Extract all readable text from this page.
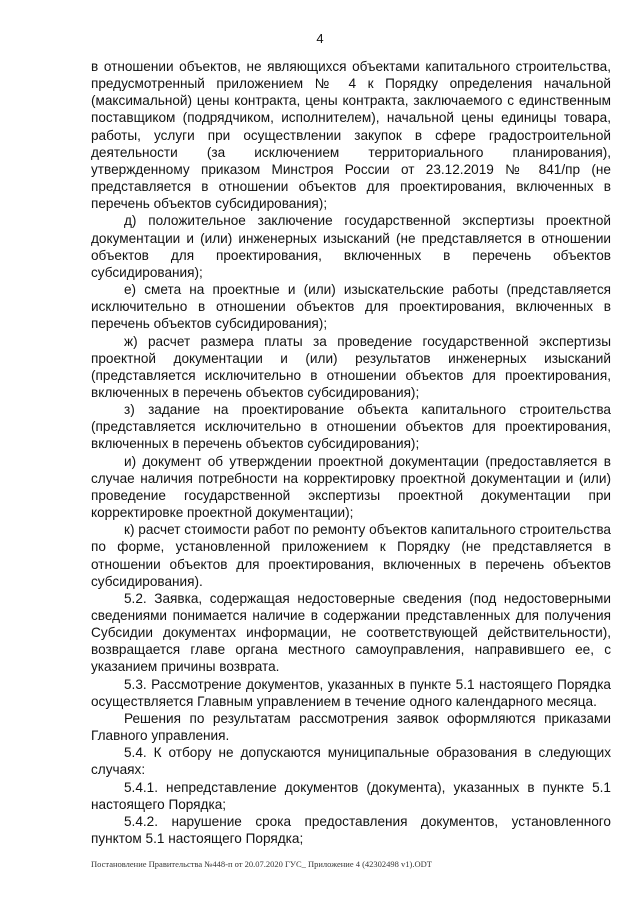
4

в отношении объектов, не являющихся объектами капитального строительства, предусмотренный приложением № 4 к Порядку определения начальной (максимальной) цены контракта, цены контракта, заключаемого с единственным поставщиком (подрядчиком, исполнителем), начальной цены единицы товара, работы, услуги при осуществлении закупок в сфере градостроительной деятельности (за исключением территориального планирования), утвержденному приказом Минстроя России от 23.12.2019 № 841/пр (не представляется в отношении объектов для проектирования, включенных в перечень объектов субсидирования);

д) положительное заключение государственной экспертизы проектной документации и (или) инженерных изысканий (не представляется в отношении объектов для проектирования, включенных в перечень объектов субсидирования);

е) смета на проектные и (или) изыскательские работы (представляется исключительно в отношении объектов для проектирования, включенных в перечень объектов субсидирования);

ж) расчет размера платы за проведение государственной экспертизы проектной документации и (или) результатов инженерных изысканий (представляется исключительно в отношении объектов для проектирования, включенных в перечень объектов субсидирования);

з) задание на проектирование объекта капитального строительства (представляется исключительно в отношении объектов для проектирования, включенных в перечень объектов субсидирования);

и) документ об утверждении проектной документации (предоставляется в случае наличия потребности на корректировку проектной документации и (или) проведение государственной экспертизы проектной документации при корректировке проектной документации);

к) расчет стоимости работ по ремонту объектов капитального строительства по форме, установленной приложением к Порядку (не представляется в отношении объектов для проектирования, включенных в перечень объектов субсидирования).

5.2. Заявка, содержащая недостоверные сведения (под недостоверными сведениями понимается наличие в содержании представленных для получения Субсидии документах информации, не соответствующей действительности), возвращается главе органа местного самоуправления, направившего ее, с указанием причины возврата.

5.3. Рассмотрение документов, указанных в пункте 5.1 настоящего Порядка осуществляется Главным управлением в течение одного календарного месяца.

Решения по результатам рассмотрения заявок оформляются приказами Главного управления.

5.4. К отбору не допускаются муниципальные образования в следующих случаях:

5.4.1. непредставление документов (документа), указанных в пункте 5.1 настоящего Порядка;

5.4.2. нарушение срока предоставления документов, установленного пунктом 5.1 настоящего Порядка;

Постановление Правительства №448-п от 20.07.2020 ГУС_ Приложение 4 (42302498 v1).ODT
